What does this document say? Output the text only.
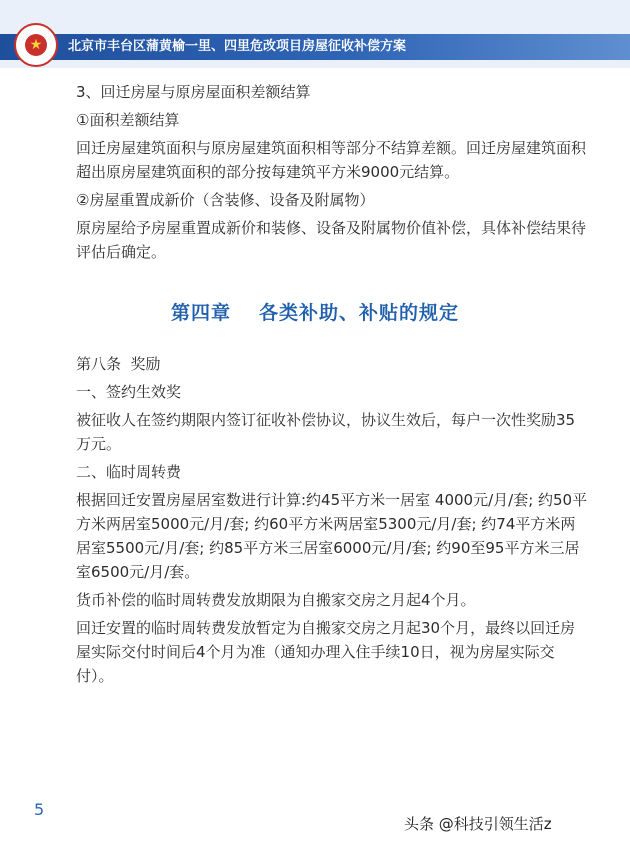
★	北京市丰台区蒲黄榆一里、四里危改项目房屋征收补偿方案

3、回迁房屋与原房屋面积差额结算

①面积差额结算

回迁房屋建筑面积与原房屋建筑面积相等部分不结算差额。回迁房屋建筑面积超出原房屋建筑面积的部分按每建筑平方米9000元结算。

②房屋重置成新价（含装修、设备及附属物）

原房屋给予房屋重置成新价和装修、设备及附属物价值补偿，具体补偿结果待评估后确定。

第四章 各类补助、补贴的规定

第八条  奖励

一、签约生效奖

被征收人在签约期限内签订征收补偿协议，协议生效后，每户一次性奖励35万元。

二、临时周转费

根据回迁安置房屋居室数进行计算:约45平方米一居室 4000元/月/套; 约50平方米两居室5000元/月/套; 约60平方米两居室5300元/月/套; 约74平方米两居室5500元/月/套; 约85平方米三居室6000元/月/套; 约90至95平方米三居室6500元/月/套。

货币补偿的临时周转费发放期限为自搬家交房之月起4个月。

回迁安置的临时周转费发放暂定为自搬家交房之月起30个月，最终以回迁房屋实际交付时间后4个月为准（通知办理入住手续10日，视为房屋实际交付）。

5
头条 @科技引领生活z
